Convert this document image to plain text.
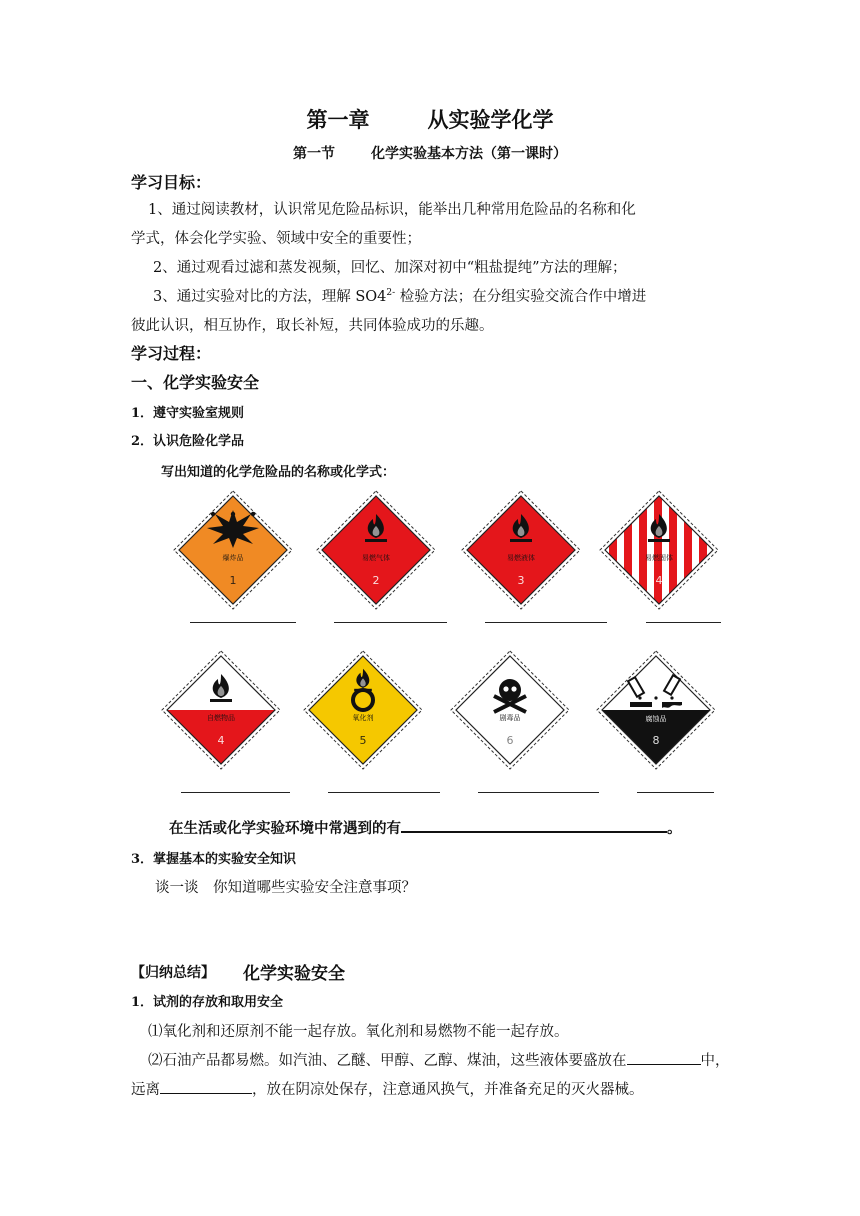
第一章	从实验学化学
第一节	化学实验基本方法（第一课时）
学习目标：
1、通过阅读教材，认识常见危险品标识，能举出几种常用危险品的名称和化
学式，体会化学实验、领域中安全的重要性；
2、通过观看过滤和蒸发视频，回忆、加深对初中“粗盐提纯”方法的理解；
3、通过实验对比的方法，理解 $SO4^{2-}$ 检验方法；在分组实验交流合作中增进
彼此认识，相互协作，取长补短，共同体验成功的乐趣。
学习过程：
一、化学实验安全
1．遵守实验室规则
2．认识危险化学品
写出知道的化学危险品的名称或化学式：
爆炸品
1
易燃气体
2
易燃液体
3
易燃固体
4
自燃物品
4
氧化剂
5
剧毒品
6
腐蚀品
8
在生活或化学实验环境中常遇到的有	。
3．掌握基本的实验安全知识
谈一谈　你知道哪些实验安全注意事项？
【归纳总结】 化学实验安全
1．试剂的存放和取用安全
⑴氧化剂和还原剂不能一起存放。氧化剂和易燃物不能一起存放。
⑵石油产品都易燃。如汽油、乙醚、甲醇、乙醇、煤油，这些液体要盛放在	中，
远离	，放在阴凉处保存，注意通风换气，并准备充足的灭火器械。
